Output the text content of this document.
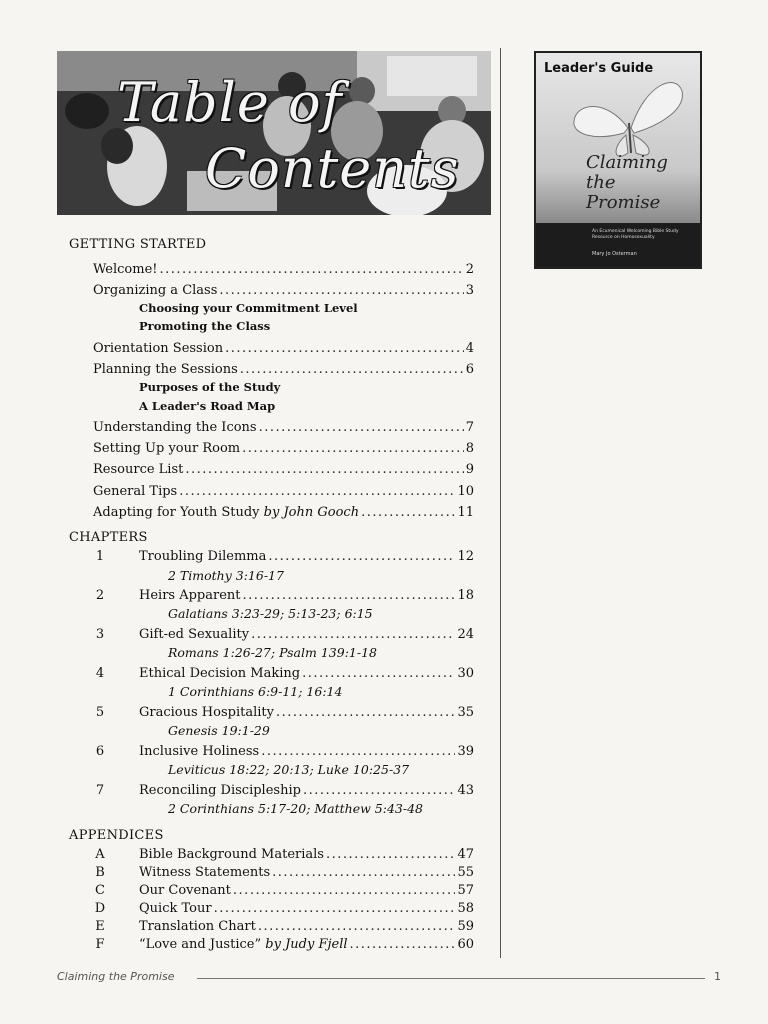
Table of
Contents
Leader's Guide
Claiming
the
Promise
An Ecumenical Welcoming Bible Study Resource on Homosexuality
Mary Jo Osterman
GETTING STARTED
Welcome! .....	2
Organizing a Class .....	3
Choosing your Commitment Level
Promoting the Class
Orientation Session .....	4
Planning the Sessions .....	6
Purposes of the Study
A Leader's Road Map
Understanding the Icons .....	7
Setting Up your Room .....	8
Resource List .....	9
General Tips .....	10
Adapting for Youth Study by John Gooch .....	11
CHAPTERS
1	Troubling Dilemma .....	12
2 Timothy 3:16-17
2	Heirs Apparent .....	18
Galatians 3:23-29; 5:13-23; 6:15
3	Gift-ed Sexuality .....	24
Romans 1:26-27; Psalm 139:1-18
4	Ethical Decision Making .....	30
1 Corinthians 6:9-11; 16:14
5	Gracious Hospitality .....	35
Genesis 19:1-29
6	Inclusive Holiness .....	39
Leviticus 18:22; 20:13; Luke 10:25-37
7	Reconciling Discipleship .....	43
2 Corinthians 5:17-20; Matthew 5:43-48
APPENDICES
A	Bible Background Materials .....	47
B	Witness Statements .....	55
C	Our Covenant .....	57
D	Quick Tour .....	58
E	Translation Chart .....	59
F	“Love and Justice” by Judy Fjell .....	60
Claiming the Promise	1
